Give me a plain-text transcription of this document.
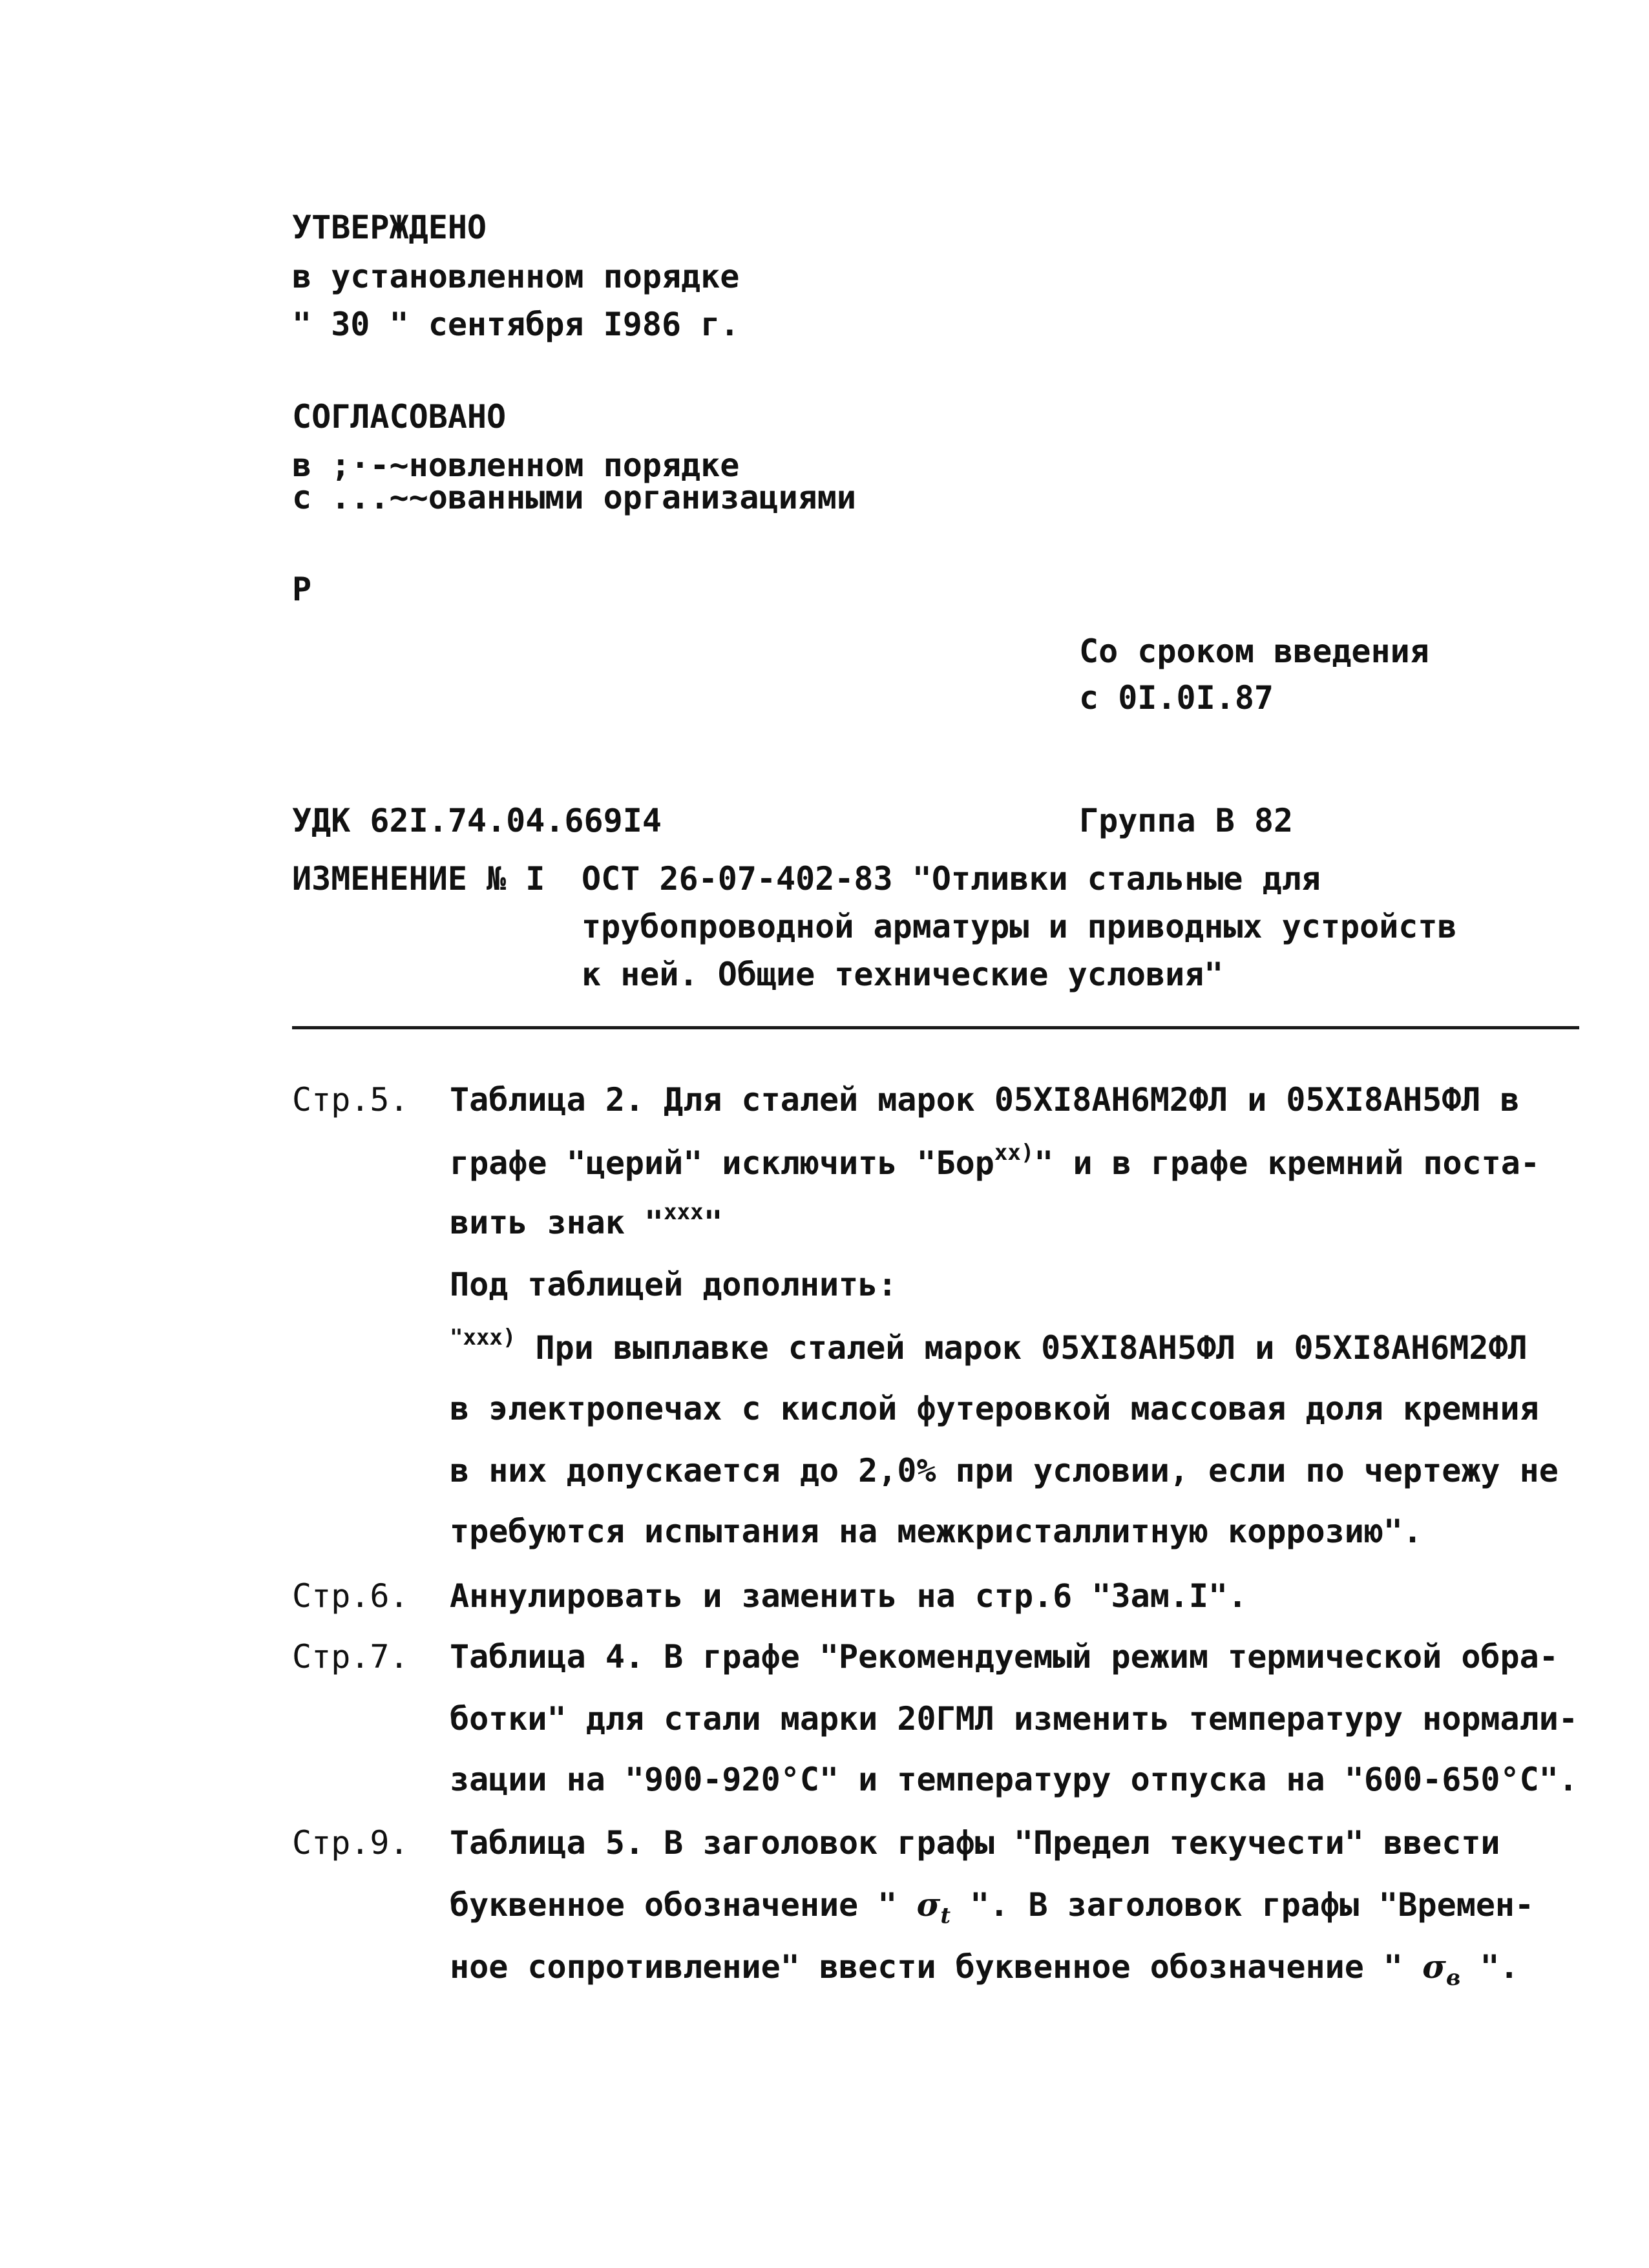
УТВЕРЖДЕНО
в установленном порядке
" 30 " сентября I986 г.
СОГЛАСОВАНО
в ;·-~новленном порядке
с ...~~ованными организациями
Р
Со сроком введения
с 0I.0I.87
УДК 62I.74.04.669I4	Группа В 82
ИЗМЕНЕНИЕ № I ОСТ 26-07-402-83 "Отливки стальные для
трубопроводной арматуры и приводных устройств
к ней. Общие технические условия"
Стр.5. Таблица 2. Для сталей марок 05XI8AH6M2ФЛ и 05XI8AH5ФЛ в
графе "церий" исключить "Бор$^{хх)}$" и в графе кремний поста-
вить знак "$^{ххх}$"
Под таблицей дополнить:
$^{"ххх)}$ При выплавке сталей марок 05XI8AH5ФЛ и 05XI8AH6M2ФЛ
в электропечах с кислой футеровкой массовая доля кремния
в них допускается до 2,0% при условии, если по чертежу не
требуются испытания на межкристаллитную коррозию".
Стр.6. Аннулировать и заменить на стр.6 "Зам.I".
Стр.7. Таблица 4. В графе "Рекомендуемый режим термической обра-
ботки" для стали марки 20ГМЛ изменить температуру нормали-
зации на "900-920°С" и температуру отпуска на "600-650°С".
Стр.9. Таблица 5. В заголовок графы "Предел текучести" ввести
буквенное обозначение " $\sigma_t$ ". В заголовок графы "Времен-
ное сопротивление" ввести буквенное обозначение " $\sigma_в$ ".
